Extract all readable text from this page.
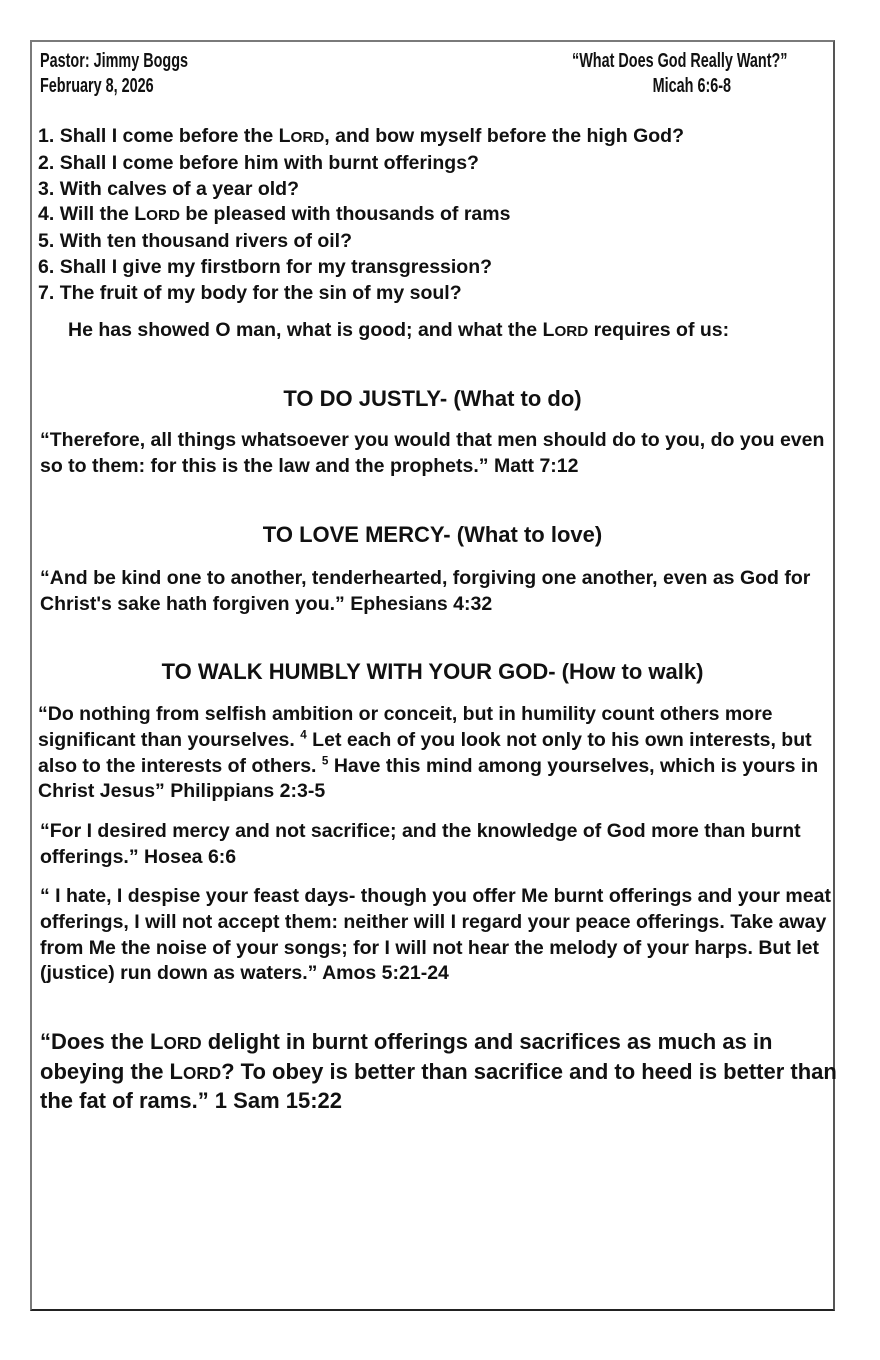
Pastor: Jimmy Boggs
February 8, 2026
“What Does God Really Want?”
Micah 6:6-8
1. Shall I come before the LORD, and bow myself before the high God?
2. Shall I come before him with burnt offerings?
3. With calves of a year old?
4. Will the LORD be pleased with thousands of rams
5. With ten thousand rivers of oil?
6. Shall I give my firstborn for my transgression?
7. The fruit of my body for the sin of my soul?
He has showed O man, what is good; and what the LORD requires of us:
TO DO JUSTLY- (What to do)
“Therefore, all things whatsoever you would that men should do to you, do you even so to them: for this is the law and the prophets.” Matt 7:12
TO LOVE MERCY- (What to love)
“And be kind one to another, tenderhearted, forgiving one another, even as God for Christ's sake hath forgiven you.” Ephesians 4:32
TO WALK HUMBLY WITH YOUR GOD- (How to walk)
“Do nothing from selfish ambition or conceit, but in humility count others more significant than yourselves. $^4$ Let each of you look not only to his own interests, but also to the interests of others. $^5$ Have this mind among yourselves, which is yours in Christ Jesus” Philippians 2:3-5
“For I desired mercy and not sacrifice; and the knowledge of God more than burnt offerings.” Hosea 6:6
“ I hate, I despise your feast days- though you offer Me burnt offerings and your meat offerings, I will not accept them: neither will I regard your peace offerings. Take away from Me the noise of your songs; for I will not hear the melody of your harps. But let (justice) run down as waters.” Amos 5:21-24
“Does the LORD delight in burnt offerings and sacrifices as much as in obeying the LORD? To obey is better than sacrifice and to heed is better than the fat of rams.” 1 Sam 15:22
